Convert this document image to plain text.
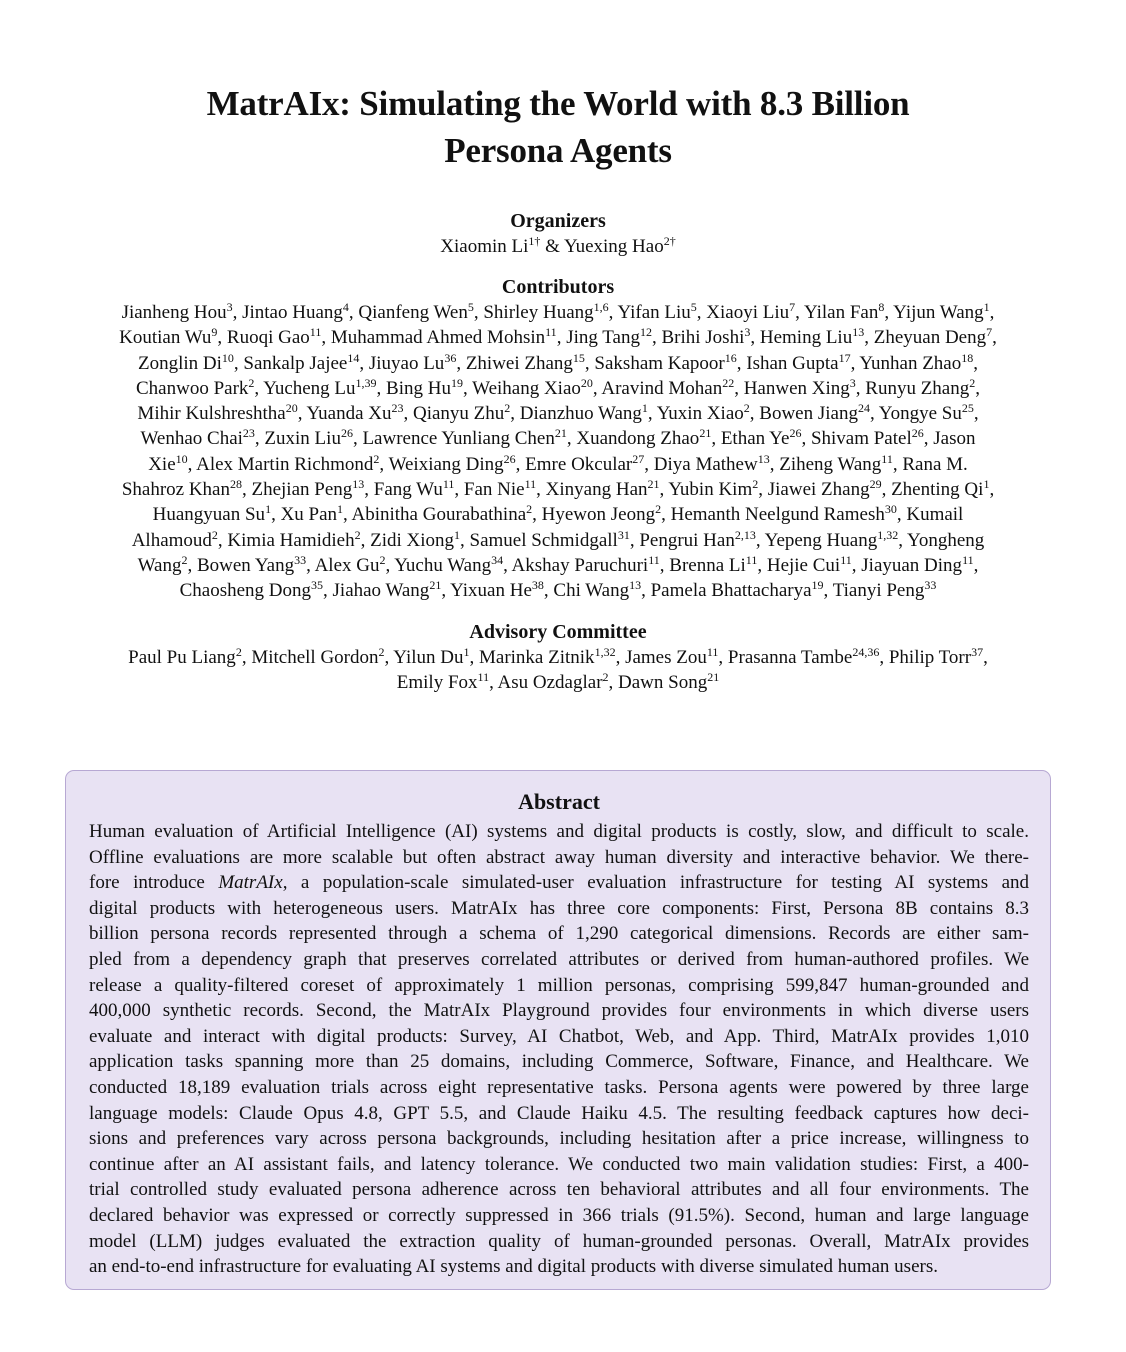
MatrAIx: Simulating the World with 8.3 Billion
Persona Agents
Organizers
Xiaomin $Li^{1\dagger}$ & Yuexing Hao$^{2\dagger}$
Contributors
Jianheng Hou$^3$, Jintao Huang$^4$, Qianfeng Wen$^5$, Shirley Huang$^{1,6}$, Yifan Liu$^5$, Xiaoyi Liu$^7$, Yilan Fan$^8$, Yijun Wang$^1$,
Koutian Wu$^9$, Ruoqi Gao$^{11}$, Muhammad Ahmed Mohsin$^{11}$, Jing Tang$^{12}$, Brihi Joshi$^3$, Heming Liu$^{13}$, Zheyuan Deng$^7$,
Zonglin Di$^{10}$, Sankalp Jajee$^{14}$, Jiuyao Lu$^{36}$, Zhiwei Zhang$^{15}$, Saksham Kapoor$^{16}$, Ishan Gupta$^{17}$, Yunhan Zhao$^{18}$,
Chanwoo Park$^2$, Yucheng Lu$^{1,39}$, Bing Hu$^{19}$, Weihang Xiao$^{20}$, Aravind Mohan$^{22}$, Hanwen Xing$^3$, Runyu Zhang$^2$,
Mihir Kulshreshtha$^{20}$, Yuanda Xu$^{23}$, Qianyu Zhu$^2$, Dianzhuo Wang$^1$, Yuxin Xiao$^2$, Bowen Jiang$^{24}$, Yongye Su$^{25}$,
Wenhao Chai$^{23}$, Zuxin Liu$^{26}$, Lawrence Yunliang Chen$^{21}$, Xuandong Zhao$^{21}$, Ethan Ye$^{26}$, Shivam Patel$^{26}$, Jason
Xie$^{10}$, Alex Martin Richmond$^2$, Weixiang Ding$^{26}$, Emre Okcular$^{27}$, Diya Mathew$^{13}$, Ziheng Wang$^{11}$, Rana M.
Shahroz Khan$^{28}$, Zhejian Peng$^{13}$, Fang Wu$^{11}$, Fan Nie$^{11}$, Xinyang Han$^{21}$, Yubin Kim$^2$, Jiawei Zhang$^{29}$, Zhenting Qi$^1$,
Huangyuan Su$^1$, Xu Pan$^1$, Abinitha Gourabathina$^2$, Hyewon Jeong$^2$, Hemanth Neelgund Ramesh$^{30}$, Kumail
Alhamoud$^2$, Kimia Hamidieh$^2$, Zidi Xiong$^1$, Samuel Schmidgall$^{31}$, Pengrui Han$^{2,13}$, Yepeng Huang$^{1,32}$, Yongheng
Wang$^2$, Bowen Yang$^{33}$, Alex Gu$^2$, Yuchu Wang$^{34}$, Akshay Paruchuri$^{11}$, Brenna Li$^{11}$, Hejie Cui$^{11}$, Jiayuan Ding$^{11}$,
Chaosheng Dong$^{35}$, Jiahao Wang$^{21}$, Yixuan He$^{38}$, Chi Wang$^{13}$, Pamela Bhattacharya$^{19}$, Tianyi Peng$^{33}$
Advisory Committee
Paul Pu Liang$^2$, Mitchell Gordon$^2$, Yilun Du$^1$, Marinka Zitnik$^{1,32}$, James Zou$^{11}$, Prasanna Tambe$^{24,36}$, Philip Torr$^{37}$,
Emily Fox$^{11}$, Asu Ozdaglar$^2$, Dawn Song$^{21}$
Abstract
Human evaluation of Artificial Intelligence (AI) systems and digital products is costly, slow, and difficult to scale.
Offline evaluations are more scalable but often abstract away human diversity and interactive behavior. We there-
fore introduce MatrAIx, a population-scale simulated-user evaluation infrastructure for testing AI systems and
digital products with heterogeneous users. MatrAIx has three core components: First, Persona 8B contains 8.3
billion persona records represented through a schema of 1,290 categorical dimensions. Records are either sam-
pled from a dependency graph that preserves correlated attributes or derived from human-authored profiles. We
release a quality-filtered coreset of approximately 1 million personas, comprising 599,847 human-grounded and
400,000 synthetic records. Second, the MatrAIx Playground provides four environments in which diverse users
evaluate and interact with digital products: Survey, AI Chatbot, Web, and App. Third, MatrAIx provides 1,010
application tasks spanning more than 25 domains, including Commerce, Software, Finance, and Healthcare. We
conducted 18,189 evaluation trials across eight representative tasks. Persona agents were powered by three large
language models: Claude Opus 4.8, GPT 5.5, and Claude Haiku 4.5. The resulting feedback captures how deci-
sions and preferences vary across persona backgrounds, including hesitation after a price increase, willingness to
continue after an AI assistant fails, and latency tolerance. We conducted two main validation studies: First, a 400-
trial controlled study evaluated persona adherence across ten behavioral attributes and all four environments. The
declared behavior was expressed or correctly suppressed in 366 trials (91.5%). Second, human and large language
model (LLM) judges evaluated the extraction quality of human-grounded personas. Overall, MatrAIx provides
an end-to-end infrastructure for evaluating AI systems and digital products with diverse simulated human users.
